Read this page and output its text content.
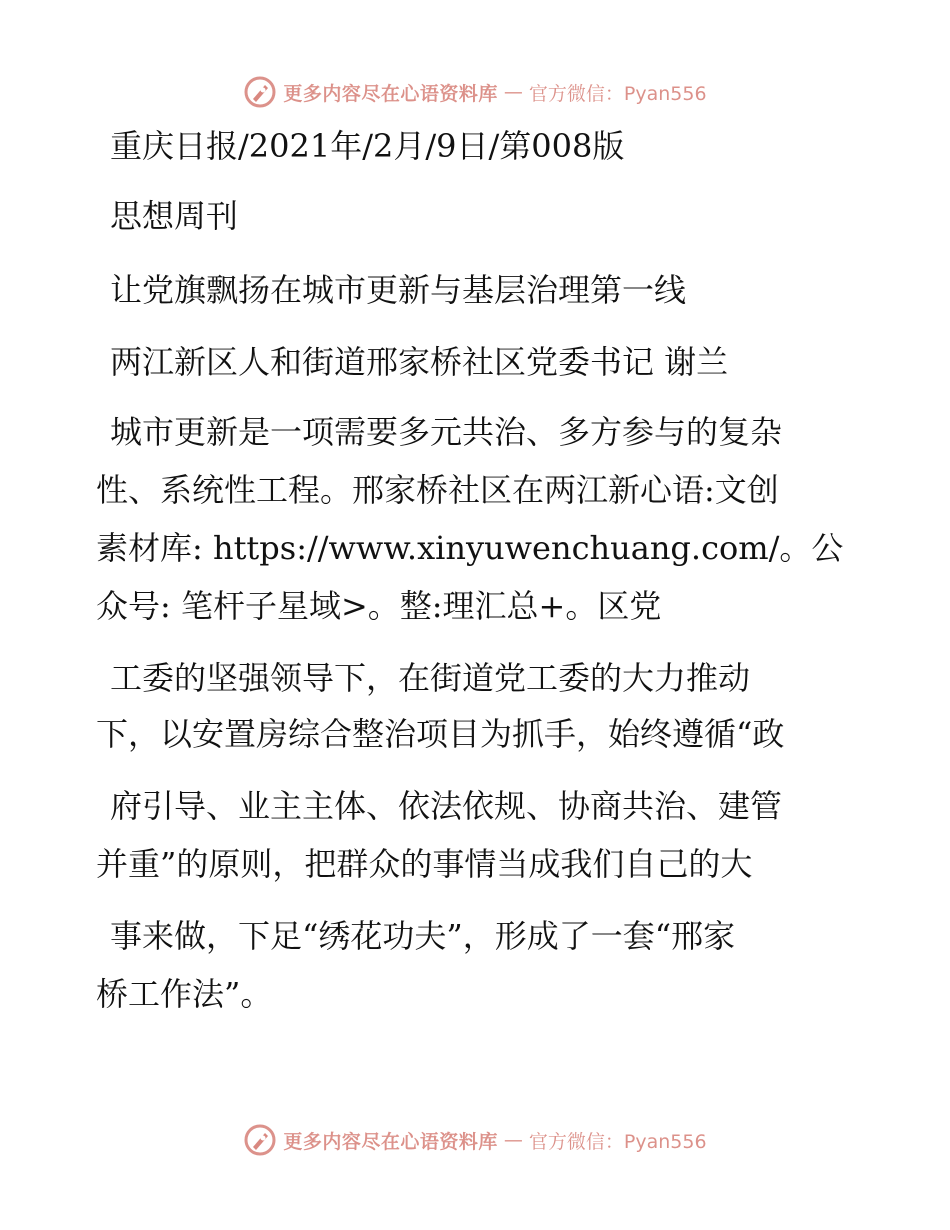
更多内容尽在心语资料库 — 官方微信：Pyan556
重庆日报/2021年/2月/9日/第008版
思想周刊
让党旗飘扬在城市更新与基层治理第一线
两江新区人和街道邢家桥社区党委书记 谢兰
城市更新是一项需要多元共治、多方参与的复杂
性、系统性工程。邢家桥社区在两江新心语:文创
素材库: https://www.xinyuwenchuang.com/。公
众号: 笔杆子星域>。整:理汇总+。区党
工委的坚强领导下，在街道党工委的大力推动
下，以安置房综合整治项目为抓手，始终遵循“政
府引导、业主主体、依法依规、协商共治、建管
并重”的原则，把群众的事情当成我们自己的大
事来做，下足“绣花功夫”，形成了一套“邢家
桥工作法”。
更多内容尽在心语资料库 — 官方微信：Pyan556
